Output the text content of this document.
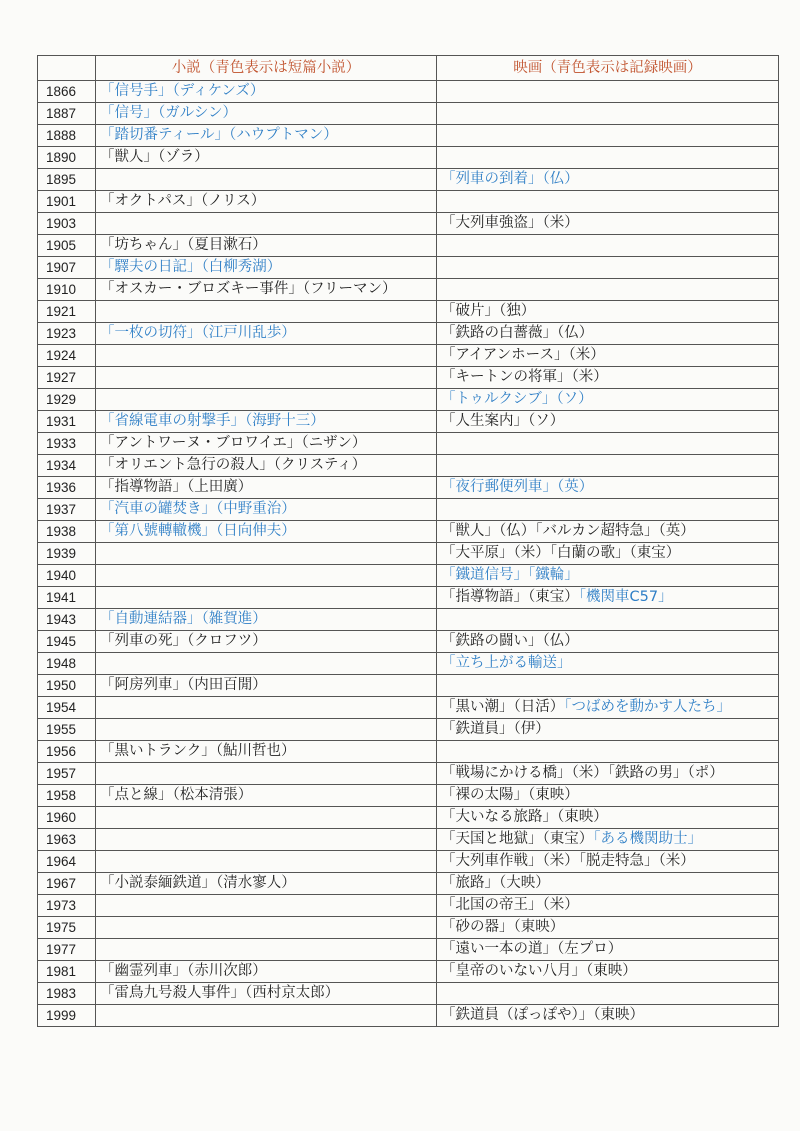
	小説（青色表示は短篇小説）	映画（青色表示は記録映画）
1866	「信号手」（ディケンズ）	
1887	「信号」（ガルシン）	
1888	「踏切番ティール」（ハウプトマン）	
1890	「獣人」（ゾラ）	
1895		「列車の到着」（仏）
1901	「オクトパス」（ノリス）	
1903		「大列車強盗」（米）
1905	「坊ちゃん」（夏目漱石）	
1907	「驛夫の日記」（白柳秀湖）	
1910	「オスカー・ブロズキー事件」（フリーマン）	
1921		「破片」（独）
1923	「一枚の切符」（江戸川乱歩）	「鉄路の白薔薇」（仏）
1924		「アイアンホース」（米）
1927		「キートンの将軍」（米）
1929		「トゥルクシブ」（ソ）
1931	「省線電車の射撃手」（海野十三）	「人生案内」（ソ）
1933	「アントワーヌ・ブロワイエ」（ニザン）	
1934	「オリエント急行の殺人」（クリスティ）	
1936	「指導物語」（上田廣）	「夜行郵便列車」（英）
1937	「汽車の罐焚き」（中野重治）	
1938	「第八號轉轍機」（日向伸夫）	「獣人」（仏）「バルカン超特急」（英）
1939		「大平原」（米）「白蘭の歌」（東宝）
1940		「鐵道信号」「鐵輪」
1941		「指導物語」（東宝）「機関車C57」
1943	「自動連結器」（雑賀進）	
1945	「列車の死」（クロフツ）	「鉄路の闘い」（仏）
1948		「立ち上がる輸送」
1950	「阿房列車」（内田百閒）	
1954		「黒い潮」（日活）「つばめを動かす人たち」
1955		「鉄道員」（伊）
1956	「黒いトランク」（鮎川哲也）	
1957		「戦場にかける橋」（米）「鉄路の男」（ポ）
1958	「点と線」（松本清張）	「裸の太陽」（東映）
1960		「大いなる旅路」（東映）
1963		「天国と地獄」（東宝）「ある機関助士」
1964		「大列車作戦」（米）「脱走特急」（米）
1967	「小説泰緬鉄道」（清水寥人）	「旅路」（大映）
1973		「北国の帝王」（米）
1975		「砂の器」（東映）
1977		「遠い一本の道」（左プロ）
1981	「幽霊列車」（赤川次郎）	「皇帝のいない八月」（東映）
1983	「雷鳥九号殺人事件」（西村京太郎）	
1999		「鉄道員（ぽっぽや）」（東映）
